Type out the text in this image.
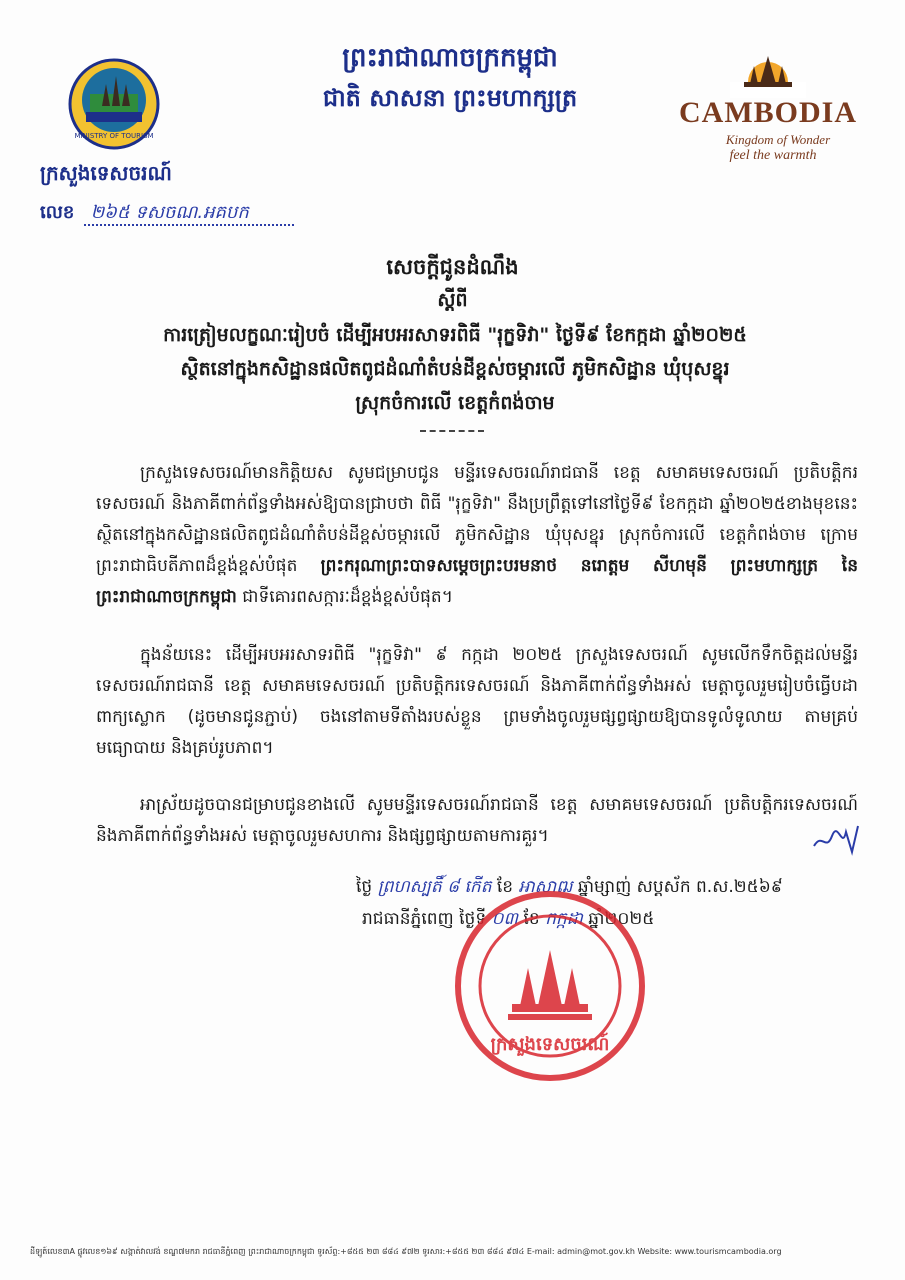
MINISTRY OF TOURISM
ព្រះរាជាណាចក្រកម្ពុជា
ជាតិ សាសនា ព្រះមហាក្សត្រ
ក្រសួងទេសចរណ៍
លេខ ២៦៥ ទសចណ.អគបក
CAMBODIA
Kingdom of Wonder
feel the warmth
សេចក្តីជូនដំណឹង
ស្តីពី
ការត្រៀមលក្ខណៈរៀបចំ ដើម្បីអបអរសាទរពិធី "រុក្ខទិវា" ថ្ងៃទី៩ ខែកក្កដា ឆ្នាំ២០២៥
ស្ថិតនៅក្នុងកសិដ្ឋានផលិតពូជដំណាំតំបន់ដីខ្ពស់ចម្ការលើ ភូមិកសិដ្ឋាន ឃុំបុសខ្នុរ
ស្រុកចំការលើ ខេត្តកំពង់ចាម
ក្រសួងទេសចរណ៍មានកិត្តិយស សូមជម្រាបជូន មន្ទីរទេសចរណ៍រាជធានី ខេត្ត សមាគមទេសចរណ៍ ប្រតិបត្តិករទេសចរណ៍ និងភាគីពាក់ព័ន្ធទាំងអស់ឱ្យបានជ្រាបថា ពិធី "រុក្ខទិវា" នឹងប្រព្រឹត្តទៅនៅថ្ងៃទី៩ ខែកក្កដា ឆ្នាំ២០២៥ខាងមុខនេះ ស្ថិតនៅក្នុងកសិដ្ឋានផលិតពូជដំណាំតំបន់ដីខ្ពស់ចម្ការលើ ភូមិកសិដ្ឋាន ឃុំបុសខ្នុរ ស្រុកចំការលើ ខេត្តកំពង់ចាម ក្រោមព្រះរាជាធិបតីភាពដ៏ខ្ពង់ខ្ពស់បំផុត ព្រះករុណាព្រះបាទសម្តេចព្រះបរមនាថ នរោត្តម សីហមុនី ព្រះមហាក្សត្រ នៃព្រះរាជាណាចក្រកម្ពុជា ជាទីគោរពសក្ការៈដ៏ខ្ពង់ខ្ពស់បំផុត។
ក្នុងន័យនេះ ដើម្បីអបអរសាទរពិធី "រុក្ខទិវា" ៩ កក្កដា ២០២៥ ក្រសួងទេសចរណ៍ សូមលើកទឹកចិត្តដល់មន្ទីរទេសចរណ៍រាជធានី ខេត្ត សមាគមទេសចរណ៍ ប្រតិបត្តិករទេសចរណ៍ និងភាគីពាក់ព័ន្ធទាំងអស់ មេត្តាចូលរួមរៀបចំធ្វើបដាពាក្យស្លោក (ដូចមានជូនភ្ជាប់) ចងនៅតាមទីតាំងរបស់ខ្លួន ព្រមទាំងចូលរួមផ្សព្វផ្សាយឱ្យបានទូលំទូលាយ តាមគ្រប់មធ្យោបាយ និងគ្រប់រូបភាព។
អាស្រ័យដូចបានជម្រាបជូនខាងលើ សូមមន្ទីរទេសចរណ៍រាជធានី ខេត្ត សមាគមទេសចរណ៍ ប្រតិបត្តិករទេសចរណ៍ និងភាគីពាក់ព័ន្ធទាំងអស់ មេត្តាចូលរួមសហការ និងផ្សព្វផ្សាយតាមការគួរ។
ថ្ងៃ ព្រហស្បតិ៍ ៨ កើត ខែ អាសាឍ ឆ្នាំម្សាញ់ សប្តស័ក ព.ស.២៥៦៩
រាជធានីភ្នំពេញ ថ្ងៃទី ០៣ ខែ កក្កដា ឆ្នាំ២០២៥
ក្រសួងទេសចរណ៍
ដីឡូត៍លេខ៣A ផ្លូវលេខ១៦៩ សង្កាត់វាលវង់ ខណ្ឌ៧មករា រាជធានីភ្នំពេញ ព្រះរាជាណាចក្រកម្ពុជា ទូរស័ព្ទ:+៨៥៥ ២៣ ៨៨៤ ៩៧២ ទូរសារ:+៨៥៥ ២៣ ៨៨៤ ៩៧៤ E-mail: admin@mot.gov.kh Website: www.tourismcambodia.org
